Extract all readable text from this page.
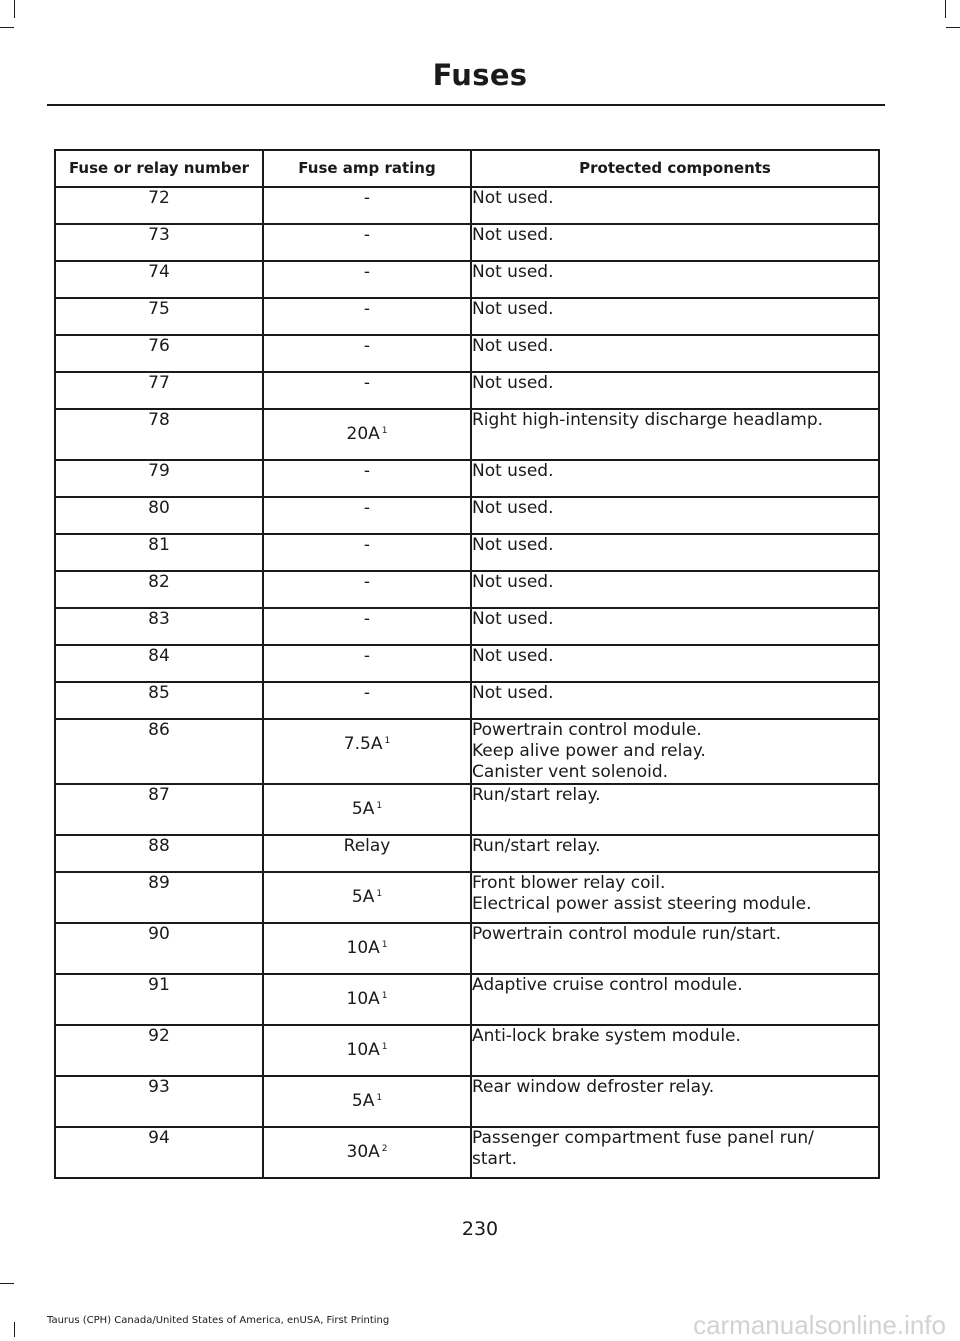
Fuses
Fuse or relay number	Fuse amp rating	Protected components
72	-	Not used.

73	-	Not used.

74	-	Not used.

75	-	Not used.

76	-	Not used.

77	-	Not used.

78	20A $^1$	Right high-intensity discharge headlamp.

79	-	Not used.

80	-	Not used.

81	-	Not used.

82	-	Not used.

83	-	Not used.

84	-	Not used.

85	-	Not used.

86	7.5A $^1$	Powertrain control module.
Keep alive power and relay.
Canister vent solenoid.

87	5A $^1$	Run/start relay.

88	Relay	Run/start relay.

89	5A $^1$	Front blower relay coil.
Electrical power assist steering module.

90	10A $^1$	Powertrain control module run/start.

91	10A $^1$	Adaptive cruise control module.

92	10A $^1$	Anti-lock brake system module.

93	5A $^1$	Rear window defroster relay.

94	30A $^2$	Passenger compartment fuse panel run/
start.
230
Taurus (CPH) Canada/United States of America, enUSA, First Printing	carmanualsonline.info
